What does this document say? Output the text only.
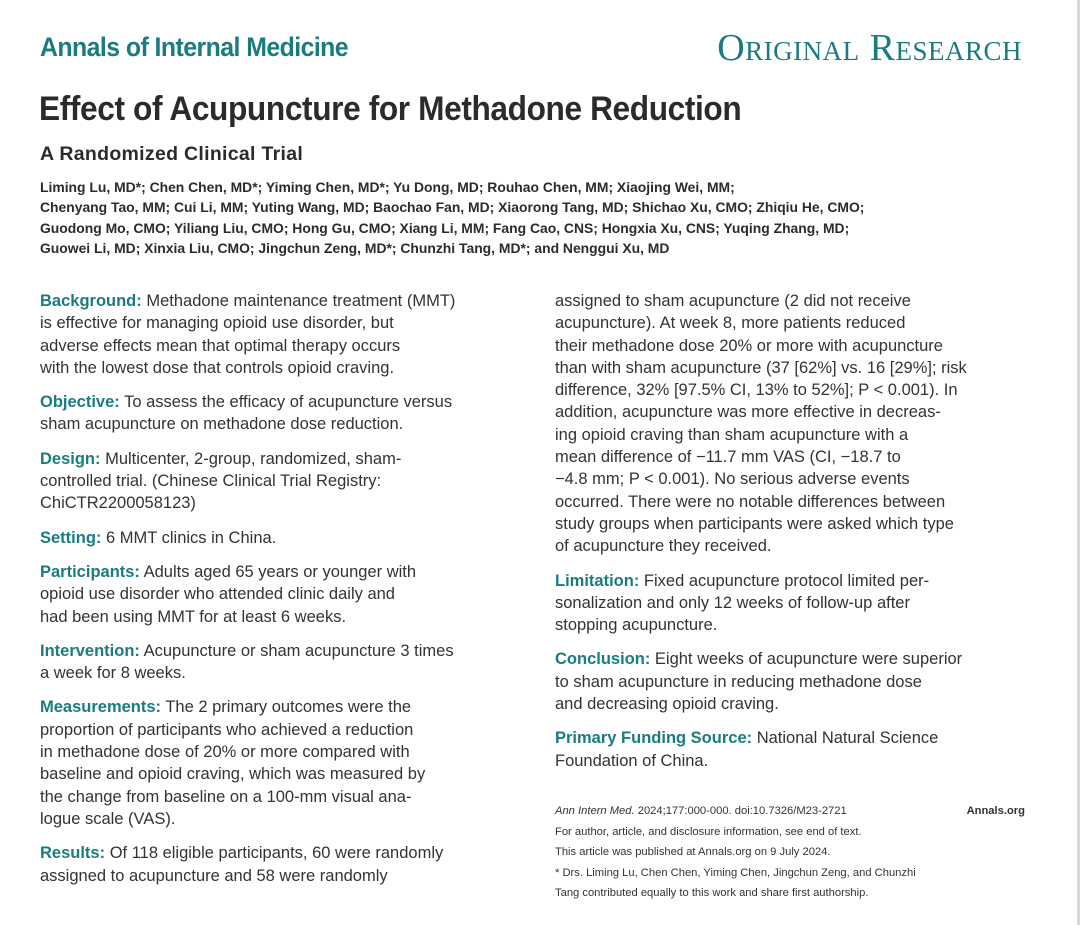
Annals of Internal Medicine	Original Research
Effect of Acupuncture for Methadone Reduction
A Randomized Clinical Trial
Liming Lu, MD*; Chen Chen, MD*; Yiming Chen, MD*; Yu Dong, MD; Rouhao Chen, MM; Xiaojing Wei, MM;
Chenyang Tao, MM; Cui Li, MM; Yuting Wang, MD; Baochao Fan, MD; Xiaorong Tang, MD; Shichao Xu, CMO; Zhiqiu He, CMO;
Guodong Mo, CMO; Yiliang Liu, CMO; Hong Gu, CMO; Xiang Li, MM; Fang Cao, CNS; Hongxia Xu, CNS; Yuqing Zhang, MD;
Guowei Li, MD; Xinxia Liu, CMO; Jingchun Zeng, MD*; Chunzhi Tang, MD*; and Nenggui Xu, MD
Background: Methadone maintenance treatment (MMT)
is effective for managing opioid use disorder, but
adverse effects mean that optimal therapy occurs
with the lowest dose that controls opioid craving.
Objective: To assess the efficacy of acupuncture versus
sham acupuncture on methadone dose reduction.
Design: Multicenter, 2-group, randomized, sham-
controlled trial. (Chinese Clinical Trial Registry:
ChiCTR2200058123)
Setting: 6 MMT clinics in China.
Participants: Adults aged 65 years or younger with
opioid use disorder who attended clinic daily and
had been using MMT for at least 6 weeks.
Intervention: Acupuncture or sham acupuncture 3 times
a week for 8 weeks.
Measurements: The 2 primary outcomes were the
proportion of participants who achieved a reduction
in methadone dose of 20% or more compared with
baseline and opioid craving, which was measured by
the change from baseline on a 100-mm visual ana-
logue scale (VAS).
Results: Of 118 eligible participants, 60 were randomly
assigned to acupuncture and 58 were randomly
assigned to sham acupuncture (2 did not receive
acupuncture). At week 8, more patients reduced
their methadone dose 20% or more with acupuncture
than with sham acupuncture (37 [62%] vs. 16 [29%]; risk
difference, 32% [97.5% CI, 13% to 52%]; P < 0.001). In
addition, acupuncture was more effective in decreas-
ing opioid craving than sham acupuncture with a
mean difference of −11.7 mm VAS (CI, −18.7 to
−4.8 mm; P < 0.001). No serious adverse events
occurred. There were no notable differences between
study groups when participants were asked which type
of acupuncture they received.
Limitation: Fixed acupuncture protocol limited per-
sonalization and only 12 weeks of follow-up after
stopping acupuncture.
Conclusion: Eight weeks of acupuncture were superior
to sham acupuncture in reducing methadone dose
and decreasing opioid craving.
Primary Funding Source: National Natural Science
Foundation of China.
Ann Intern Med. 2024;177:000-000. doi:10.7326/M23-2721	Annals.org
For author, article, and disclosure information, see end of text.
This article was published at Annals.org on 9 July 2024.
* Drs. Liming Lu, Chen Chen, Yiming Chen, Jingchun Zeng, and Chunzhi
Tang contributed equally to this work and share first authorship.
